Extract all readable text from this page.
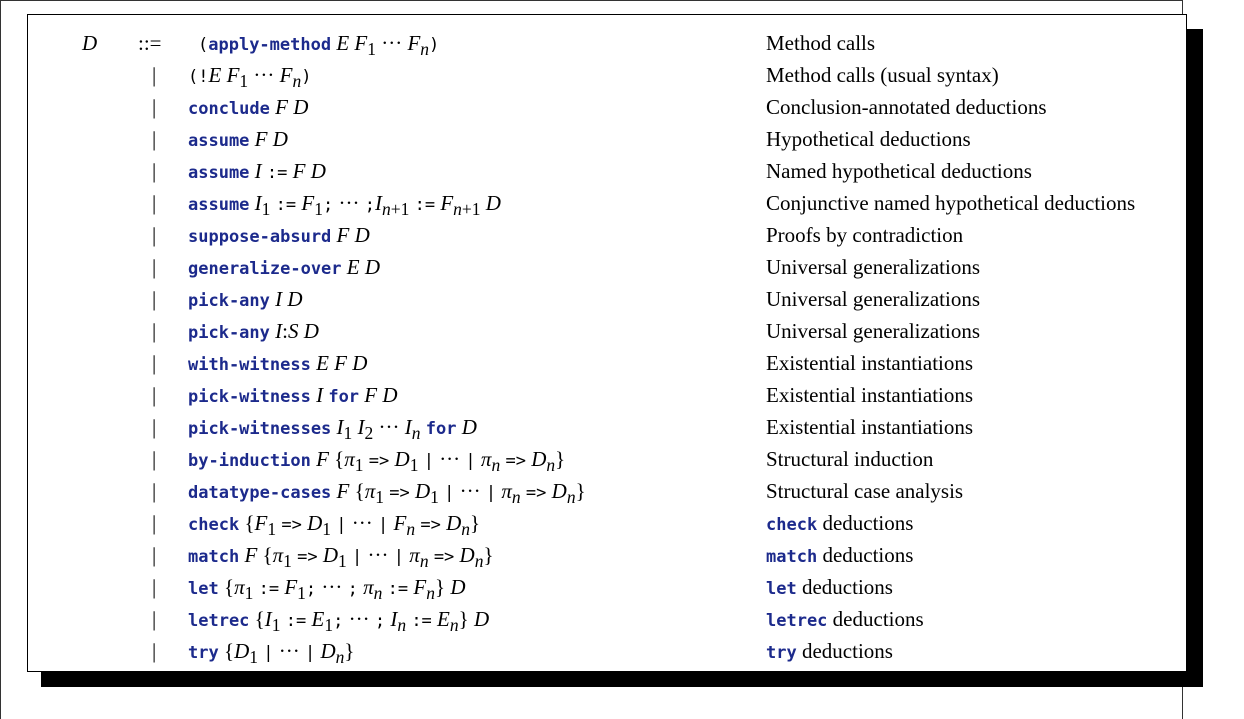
D ::= (apply-method E $F_1$ ··· $F_n$)	Method calls
| (!E $F_1$ ··· $F_n$)	Method calls (usual syntax)
| conclude F D	Conclusion-annotated deductions
| assume F D	Hypothetical deductions
| assume I := F D	Named hypothetical deductions
| assume $I_1$ := $F_1$; ··· $;I_{n+1}$ := $F_{n+1}$ D	Conjunctive named hypothetical deductions
| suppose-absurd F D	Proofs by contradiction
| generalize-over E D	Universal generalizations
| pick-any I D	Universal generalizations
| pick-any I:S D	Universal generalizations
| with-witness E F D	Existential instantiations
| pick-witness I for F D	Existential instantiations
| pick-witnesses $I_1$ $I_2$ ··· $I_n$ for D	Existential instantiations
| by-induction F {$\pi_1 => D_1$ | ··· | $\pi_n => D_n$}	Structural induction
| datatype-cases F {$\pi_1 => D_1$ | ··· | $\pi_n => D_n$}	Structural case analysis
| check {$F_1 => D_1$ | ··· | $F_n => D_n$}	check deductions
| match F {$\pi_1 => D_1$ | ··· | $\pi_n => D_n$}	match deductions
| let {$\pi_1$ := $F_1$; ··· ; $\pi_n$ := $F_n$} D	let deductions
| letrec {$I_1$ := $E_1$; ··· ; $I_n$ := $E_n$} D	letrec deductions
| try {$D_1$ | ··· | $D_n$}	try deductions
